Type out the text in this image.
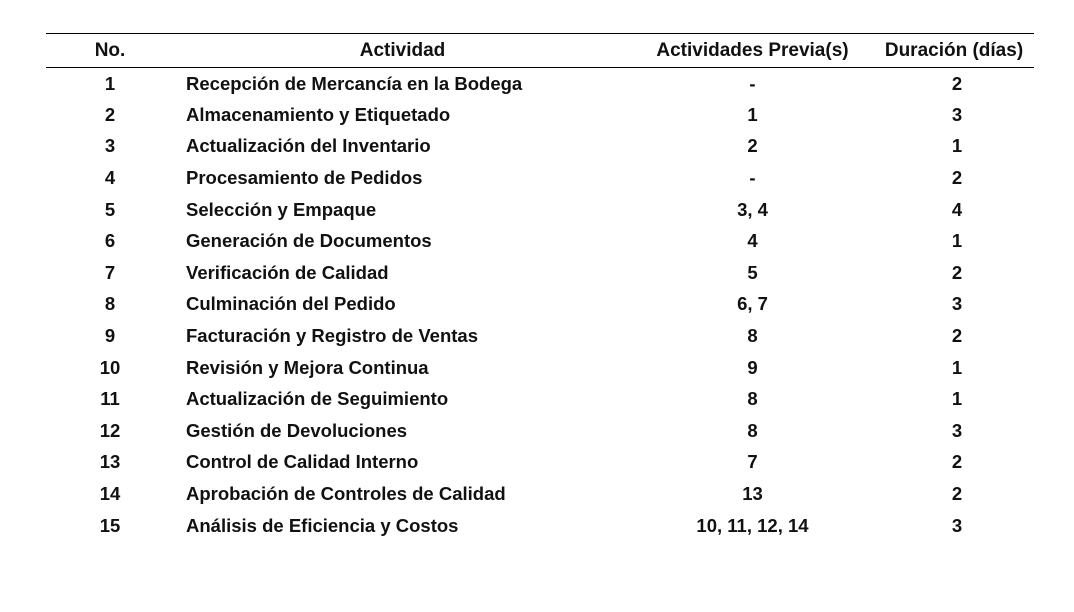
No.	Actividad	Actividades Previa(s)	Duración (días)
1	Recepción de Mercancía en la Bodega	-	2
2	Almacenamiento y Etiquetado	1	3
3	Actualización del Inventario	2	1
4	Procesamiento de Pedidos	-	2
5	Selección y Empaque	3, 4	4
6	Generación de Documentos	4	1
7	Verificación de Calidad	5	2
8	Culminación del Pedido	6, 7	3
9	Facturación y Registro de Ventas	8	2
10	Revisión y Mejora Continua	9	1
11	Actualización de Seguimiento	8	1
12	Gestión de Devoluciones	8	3
13	Control de Calidad Interno	7	2
14	Aprobación de Controles de Calidad	13	2
15	Análisis de Eficiencia y Costos	10, 11, 12, 14	3
